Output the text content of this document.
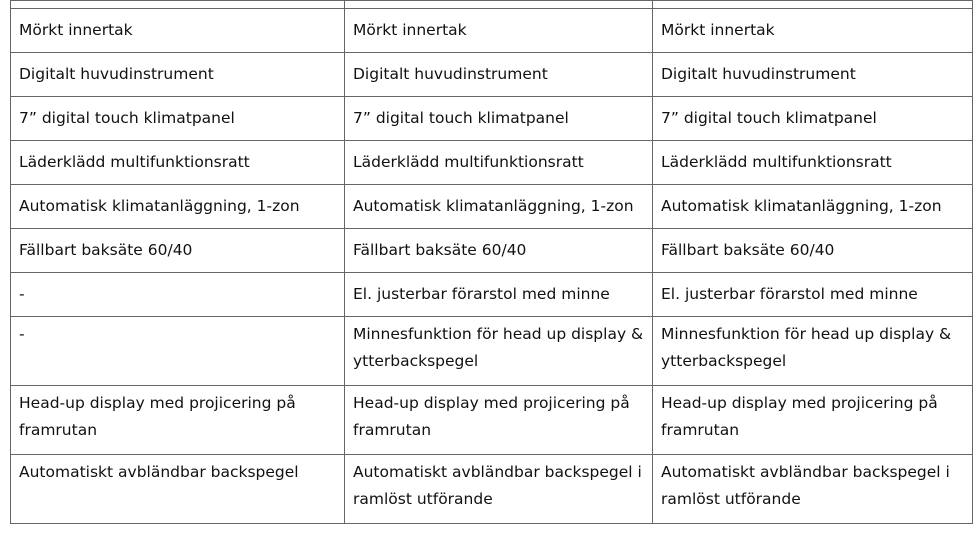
Mörkt innertak	Mörkt innertak	Mörkt innertak
Digitalt huvudinstrument	Digitalt huvudinstrument	Digitalt huvudinstrument
7” digital touch klimatpanel	7” digital touch klimatpanel	7” digital touch klimatpanel
Läderklädd multifunktionsratt	Läderklädd multifunktionsratt	Läderklädd multifunktionsratt
Automatisk klimatanläggning, 1-zon	Automatisk klimatanläggning, 1-zon	Automatisk klimatanläggning, 1-zon
Fällbart baksäte 60/40	Fällbart baksäte 60/40	Fällbart baksäte 60/40
-	El. justerbar förarstol med minne	El. justerbar förarstol med minne
-	Minnesfunktion för head up display & ytterbackspegel	Minnesfunktion för head up display & ytterbackspegel
Head-up display med projicering på framrutan	Head-up display med projicering på framrutan	Head-up display med projicering på framrutan
Automatiskt avbländbar backspegel	Automatiskt avbländbar backspegel i ramlöst utförande	Automatiskt avbländbar backspegel i ramlöst utförande
